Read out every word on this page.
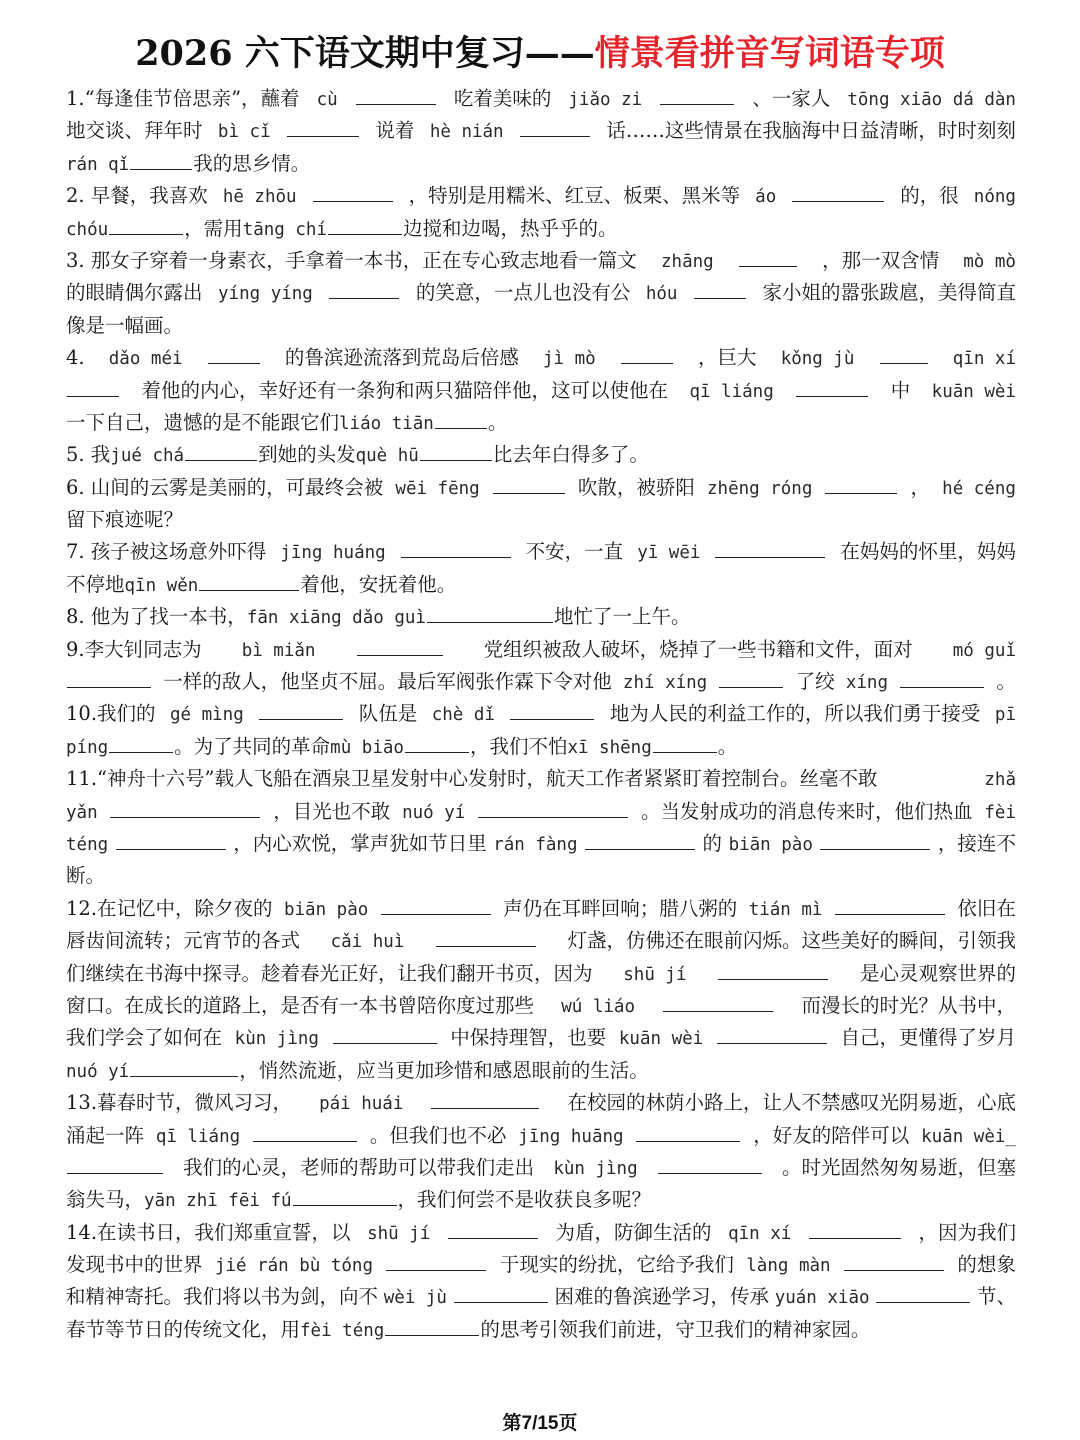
2026 六下语文期中复习——情景看拼音写词语专项
1.“每逢佳节倍思亲”，蘸着 cù	吃着美味的 jiǎo zi	、一家人 tōng xiāo dá dàn
地交谈、拜年时 bì cǐ	说着 hè nián	话……这些情景在我脑海中日益清晰，时时刻刻
rán qǐ	我的思乡情。
2. 早餐，我喜欢 hē zhōu	，特别是用糯米、红豆、板栗、黑米等 áo	的，很 nóng
chóu	，需用 tāng chí	边搅和边喝，热乎乎的。
3. 那女子穿着一身素衣，手拿着一本书，正在专心致志地看一篇文 zhāng	，那一双含情 mò mò
的眼睛偶尔露出 yíng yíng	的笑意，一点儿也没有公 hóu	家小姐的嚣张跋扈，美得简直
像是一幅画。
4. dǎo méi	的鲁滨逊流落到荒岛后倍感 jì mò	，巨大 kǒng jù	qīn xí
着他的内心，幸好还有一条狗和两只猫陪伴他，这可以使他在 qī liáng	中 kuān wèi
一下自己，遗憾的是不能跟它们 liáo tiān	。
5. 我 jué chá	到她的头发 què hū	比去年白得多了。
6. 山间的云雾是美丽的，可最终会被 wēi fēng	吹散，被骄阳 zhēng róng	， hé céng
留下痕迹呢？
7. 孩子被这场意外吓得 jīng huáng	不安，一直 yī wēi	在妈妈的怀里，妈妈
不停地 qīn wěn	着他，安抚着他。
8. 他为了找一本书， fān xiāng dǎo guì	地忙了一上午。
9.李大钊同志为 bì miǎn	党组织被敌人破坏，烧掉了一些书籍和文件，面对 mó guǐ
一样的敌人，他坚贞不屈。最后军阀张作霖下令对他 zhí xíng	了绞 xíng	。
10.我们的 gé mìng	队伍是 chè dǐ	地为人民的利益工作的，所以我们勇于接受 pī
píng	。为了共同的革命 mù biāo	，我们不怕 xī shēng	。
11.“神舟十六号”载人飞船在酒泉卫星发射中心发射时，航天工作者紧紧盯着控制台。丝毫不敢	zhǎ
yǎn	，目光也不敢 nuó yí	。当发射成功的消息传来时，他们热血 fèi
téng	，内心欢悦，掌声犹如节日里 rán fàng	的 biān pào	，接连不
断。
12.在记忆中，除夕夜的 biān pào	声仍在耳畔回响；腊八粥的 tián mì	依旧在
唇齿间流转；元宵节的各式 cǎi huì	灯盏，仿佛还在眼前闪烁。这些美好的瞬间，引领我
们继续在书海中探寻。趁着春光正好，让我们翻开书页，因为 shū jí	是心灵观察世界的
窗口。在成长的道路上，是否有一本书曾陪你度过那些 wú liáo	而漫长的时光？从书中，
我们学会了如何在 kùn jìng	中保持理智，也要 kuān wèi	自己，更懂得了岁月
nuó yí	，悄然流逝，应当更加珍惜和感恩眼前的生活。
13.暮春时节，微风习习， pái huái	在校园的林荫小路上，让人不禁感叹光阴易逝，心底
涌起一阵 qī liáng	。但我们也不必 jīng huāng	，好友的陪伴可以 kuān wèi_
我们的心灵，老师的帮助可以带我们走出 kùn jìng	。时光固然匆匆易逝，但塞
翁失马， yān zhī fēi fú	，我们何尝不是收获良多呢？
14.在读书日，我们郑重宣誓，以 shū jí	为盾，防御生活的 qīn xí	，因为我们
发现书中的世界 jié rán bù tóng	于现实的纷扰，它给予我们 làng màn	的想象
和精神寄托。我们将以书为剑，向不 wèi jù	困难的鲁滨逊学习，传承 yuán xiāo	节、
春节等节日的传统文化，用 fèi téng	的思考引领我们前进，守卫我们的精神家园。
第7/15页
